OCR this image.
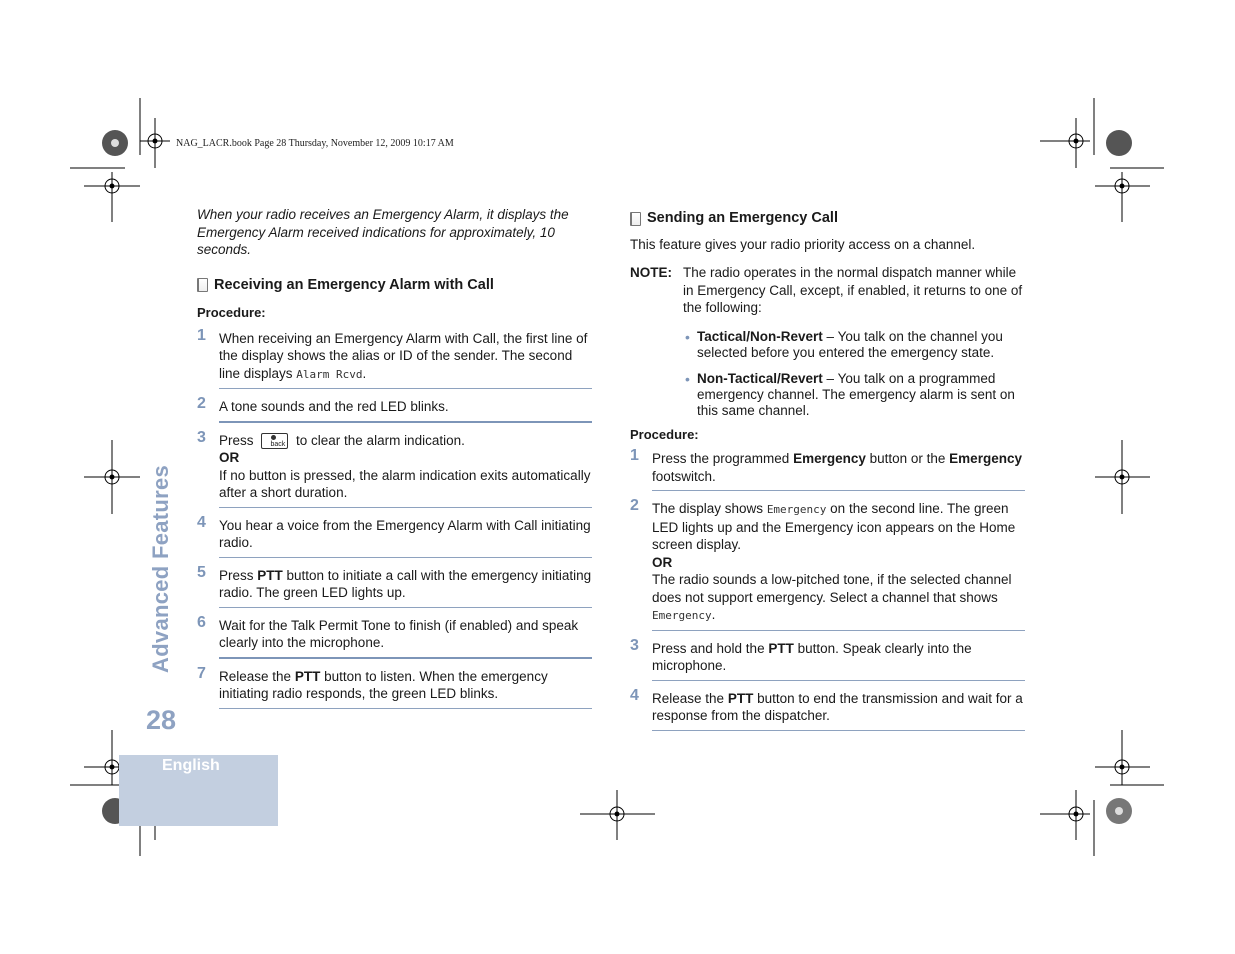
NAG_LACR.book Page 28 Thursday, November 12, 2009 10:17 AM
When your radio receives an Emergency Alarm, it displays the Emergency Alarm received indications for approximately, 10 seconds.
Receiving an Emergency Alarm with Call
Procedure:
1 When receiving an Emergency Alarm with Call, the first line of the display shows the alias or ID of the sender. The second line displays Alarm Rcvd.
2 A tone sounds and the red LED blinks.
3 Press back to clear the alarm indication.
OR
If no button is pressed, the alarm indication exits automatically after a short duration.
4 You hear a voice from the Emergency Alarm with Call initiating radio.
5 Press PTT button to initiate a call with the emergency initiating radio. The green LED lights up.
6 Wait for the Talk Permit Tone to finish (if enabled) and speak clearly into the microphone.
7 Release the PTT button to listen. When the emergency initiating radio responds, the green LED blinks.
Sending an Emergency Call
This feature gives your radio priority access on a channel.
NOTE: The radio operates in the normal dispatch manner while in Emergency Call, except, if enabled, it returns to one of the following:
• Tactical/Non-Revert – You talk on the channel you selected before you entered the emergency state.
• Non-Tactical/Revert – You talk on a programmed emergency channel. The emergency alarm is sent on this same channel.
Procedure:
1 Press the programmed Emergency button or the Emergency footswitch.
2 The display shows Emergency on the second line. The green LED lights up and the Emergency icon appears on the Home screen display.
OR
The radio sounds a low-pitched tone, if the selected channel does not support emergency. Select a channel that shows Emergency.
3 Press and hold the PTT button. Speak clearly into the microphone.
4 Release the PTT button to end the transmission and wait for a response from the dispatcher.
Advanced Features
28
English
